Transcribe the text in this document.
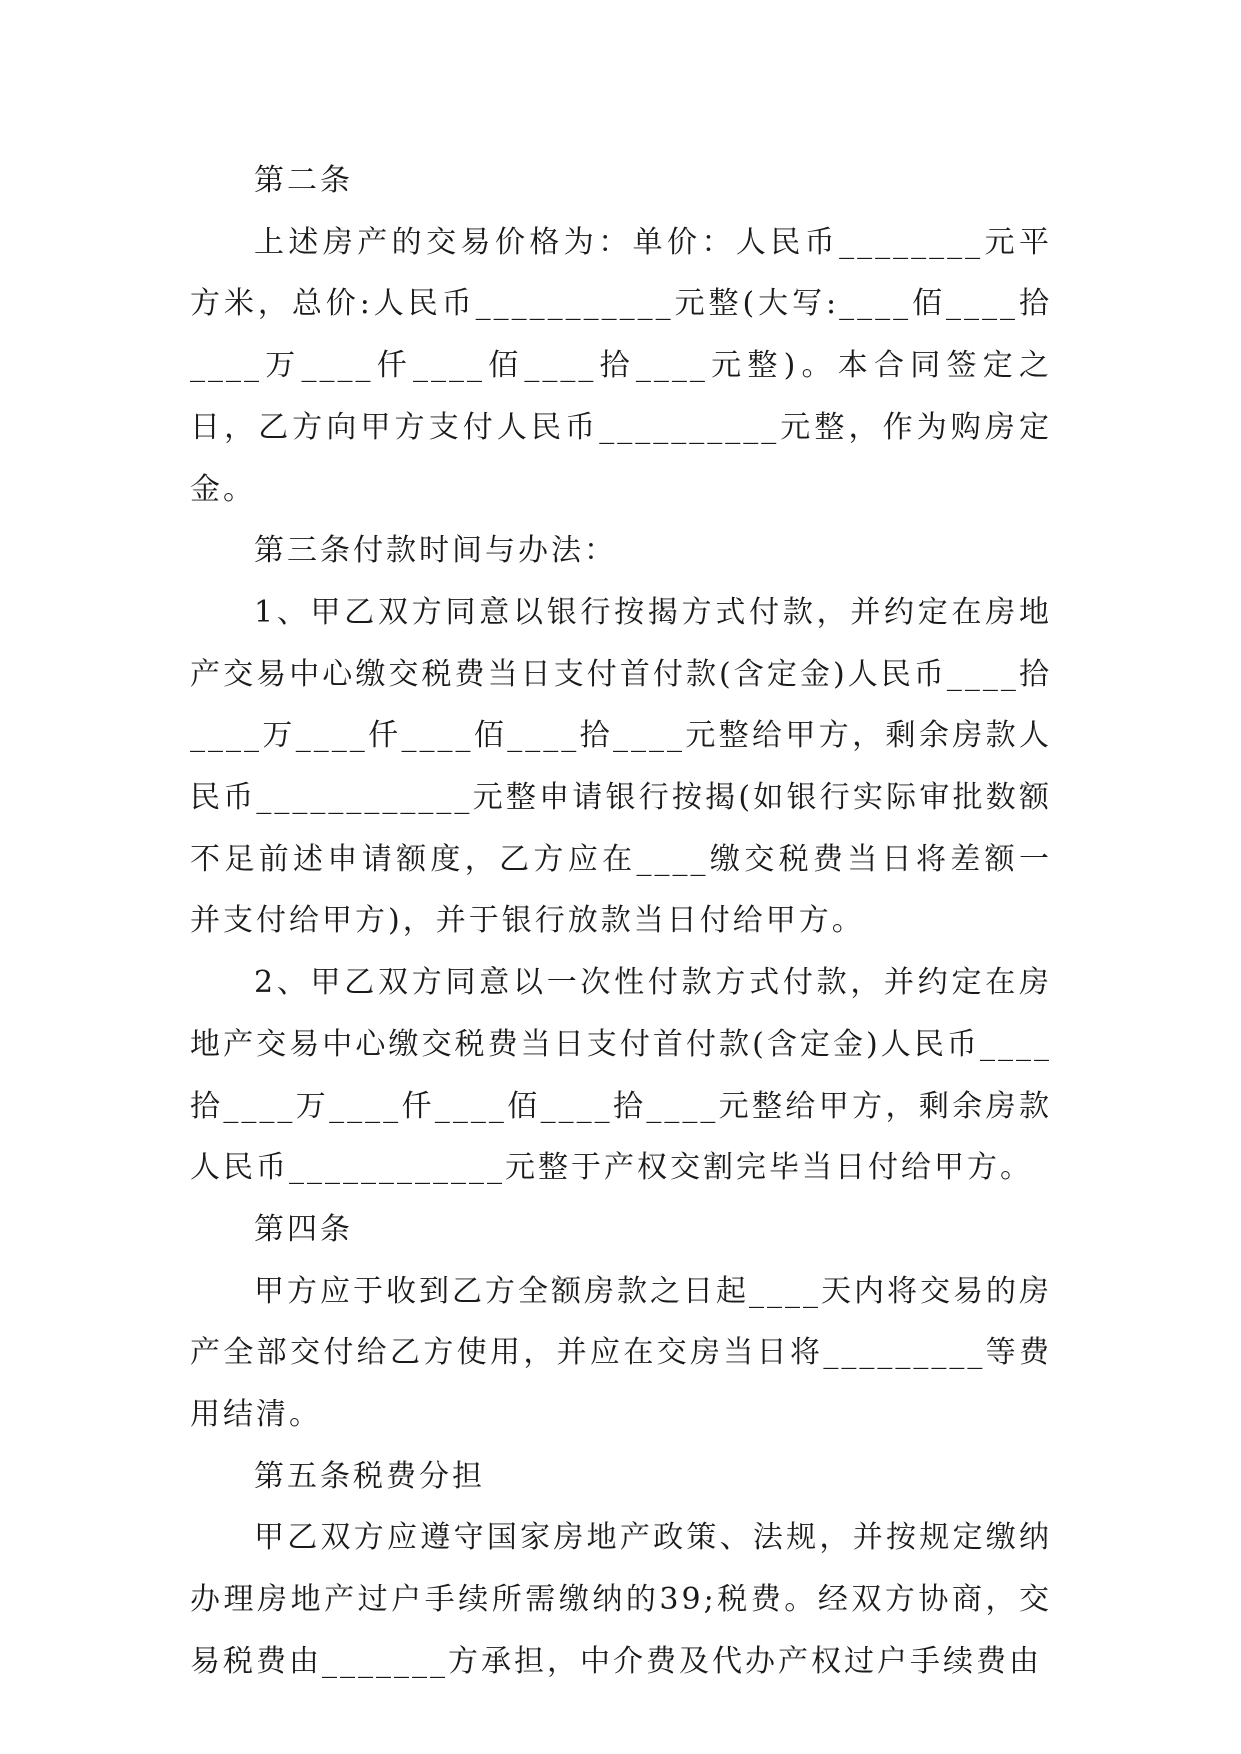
第二条

上述房产的交易价格为：单价：人民币________元平方米，总价:人民币___________元整(大写:____佰____拾____万____仟____佰____拾____元整)。本合同签定之日，乙方向甲方支付人民币__________元整，作为购房定金。

第三条付款时间与办法：

1、甲乙双方同意以银行按揭方式付款，并约定在房地产交易中心缴交税费当日支付首付款(含定金)人民币____拾____万____仟____佰____拾____元整给甲方，剩余房款人民币____________元整申请银行按揭(如银行实际审批数额不足前述申请额度，乙方应在____缴交税费当日将差额一并支付给甲方)，并于银行放款当日付给甲方。

2、甲乙双方同意以一次性付款方式付款，并约定在房地产交易中心缴交税费当日支付首付款(含定金)人民币____拾____万____仟____佰____拾____元整给甲方，剩余房款人民币____________元整于产权交割完毕当日付给甲方。

第四条

甲方应于收到乙方全额房款之日起____天内将交易的房产全部交付给乙方使用，并应在交房当日将_________等费用结清。

第五条税费分担

甲乙双方应遵守国家房地产政策、法规，并按规定缴纳办理房地产过户手续所需缴纳的39;税费。经双方协商，交易税费由_______方承担，中介费及代办产权过户手续费由
